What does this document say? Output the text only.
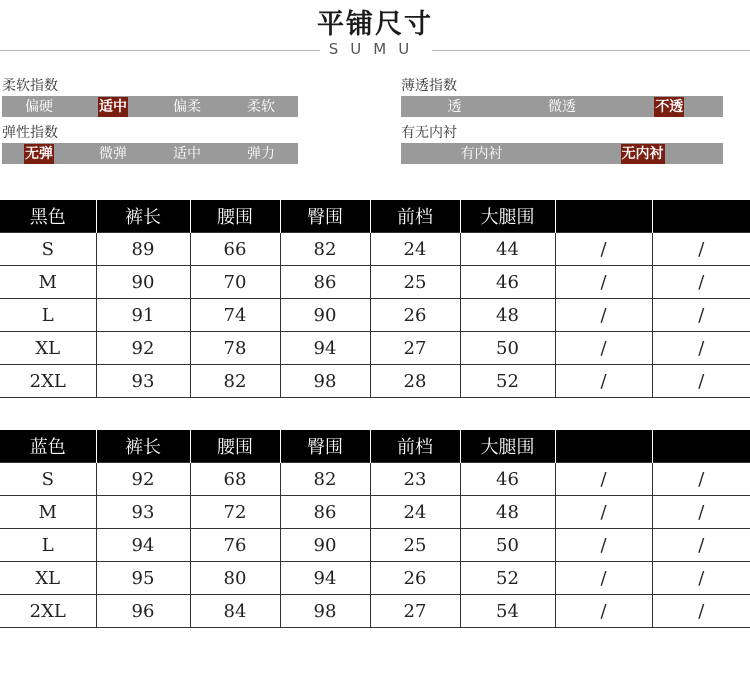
平铺尺寸
SUMU
柔软指数
偏硬	适中	偏柔	柔软
薄透指数
透	微透	不透
弹性指数
无弹	微弹	适中	弹力
有无内衬
有内衬	无内衬
黑色	裤长	腰围	臀围	前档	大腿围		
S	89	66	82	24	44	/	/
M	90	70	86	25	46	/	/
L	91	74	90	26	48	/	/
XL	92	78	94	27	50	/	/
2XL	93	82	98	28	52	/	/
蓝色	裤长	腰围	臀围	前档	大腿围		
S	92	68	82	23	46	/	/
M	93	72	86	24	48	/	/
L	94	76	90	25	50	/	/
XL	95	80	94	26	52	/	/
2XL	96	84	98	27	54	/	/
